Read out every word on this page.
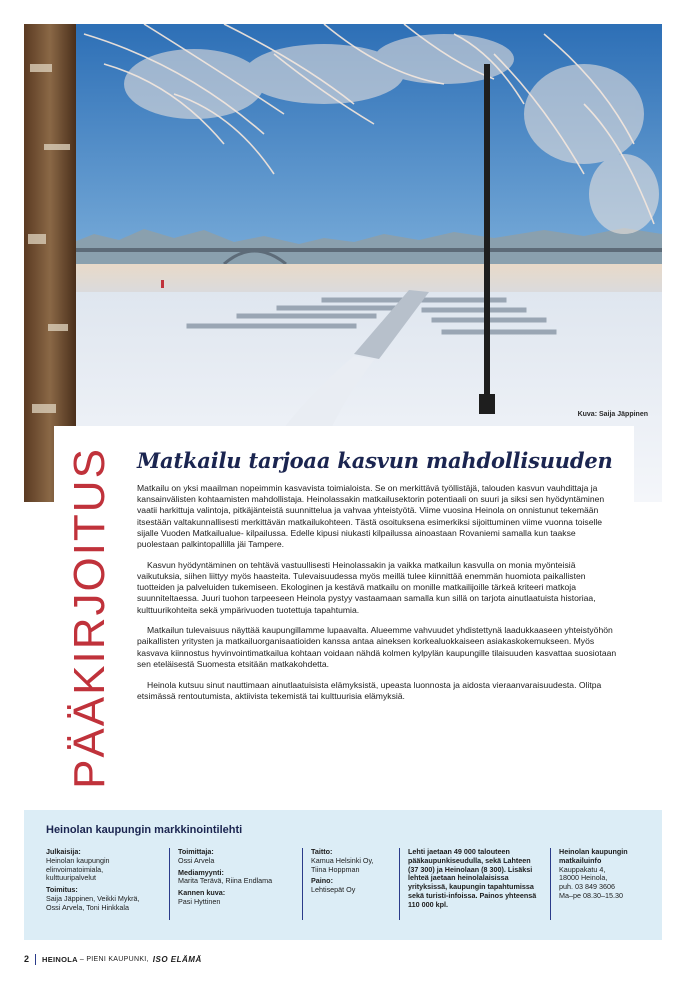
Kuva: Saija Jäppinen
PÄÄKIRJOITUS Matkailu tarjoaa kasvun mahdollisuuden

Matkailu on yksi maailman nopeimmin kasvavista toimialoista. Se on merkittävä työllistäjä, talouden kasvun vauhdittaja ja kansainvälisten kohtaamisten mahdollistaja. Heinolassakin matkailusektorin potentiaali on suuri ja siksi sen hyödyntäminen vaatii harkittuja valintoja, pitkäjänteistä suunnittelua ja vahvaa yhteistyötä. Viime vuosina Heinola on onnistunut tekemään itsestään valtakunnallisesti merkittävän matkailukohteen. Tästä osoituksena esimerkiksi sijoittuminen viime vuonna toiselle sijalle Vuoden Matkailualue- kilpailussa. Edelle kipusi niukasti kilpailussa ainoastaan Rovaniemi samalla kun taakse puolestaan palkintopallilla jäi Tampere.

Kasvun hyödyntäminen on tehtävä vastuullisesti Heinolassakin ja vaikka matkailun kasvulla on monia myönteisiä vaikutuksia, siihen liittyy myös haasteita. Tulevaisuudessa myös meillä tulee kiinnittää enemmän huomiota paikallisten tuotteiden ja palveluiden tukemiseen. Ekologinen ja kestävä matkailu on monille matkailijoille tärkeä kriteeri matkoja suunniteltaessa. Juuri tuohon tarpeeseen Heinola pystyy vastaamaan samalla kun sillä on tarjota ainutlaatuista historiaa, kulttuurikohteita sekä ympärivuoden tuotettuja tapahtumia.

Matkailun tulevaisuus näyttää kaupungillamme lupaavalta. Alueemme vahvuudet yhdistettynä laadukkaaseen yhteistyöhön paikallisten yritysten ja matkailuorganisaatioiden kanssa antaa aineksen korkealuokkaiseen asiakaskokemukseen. Myös kasvava kiinnostus hyvinvointimatkailua kohtaan voidaan nähdä kolmen kylpylän kaupungille tilaisuuden kasvattaa suosiotaan sen eteläisestä Suomesta etsitään matkakohdetta.

Heinola kutsuu sinut nauttimaan ainutlaatuisista elämyksistä, upeasta luonnosta ja aidosta vieraanvaraisuudesta. Olitpa etsimässä rentoutumista, aktiivista tekemistä tai kulttuurisia elämyksiä.

Heinolan kaupungin markkinointilehti
Julkaisija:
Heinolan kaupungin
elinvoimatoimiala,
kulttuuripalvelut
Toimitus:
Saija Jäppinen, Veikki Mykrä,
Ossi Arvela, Toni Hinkkala
Toimittaja:
Ossi Arvela
Mediamyynti:
Marita Terävä, Riina Endlama
Kannen kuva:
Pasi Hyttinen
Taitto:
Kamua Helsinki Oy,
Tiina Hoppman
Paino:
Lehtisepät Oy
Lehti jaetaan 49 000 talouteen pääkaupunkiseudulla, sekä Lahteen (37 300) ja Heinolaan (8 300). Lisäksi lehteä jaetaan heinolalaisissa yrityksissä, kaupungin tapahtumissa sekä turisti-infoissa. Painos yhteensä 110 000 kpl.
Heinolan kaupungin matkailuinfo
Kauppakatu 4,
18000 Heinola,
puh. 03 849 3606
Ma–pe 08.30–15.30
2 HEINOLA – PIENI KAUPUNKI, ISO ELÄMÄ
